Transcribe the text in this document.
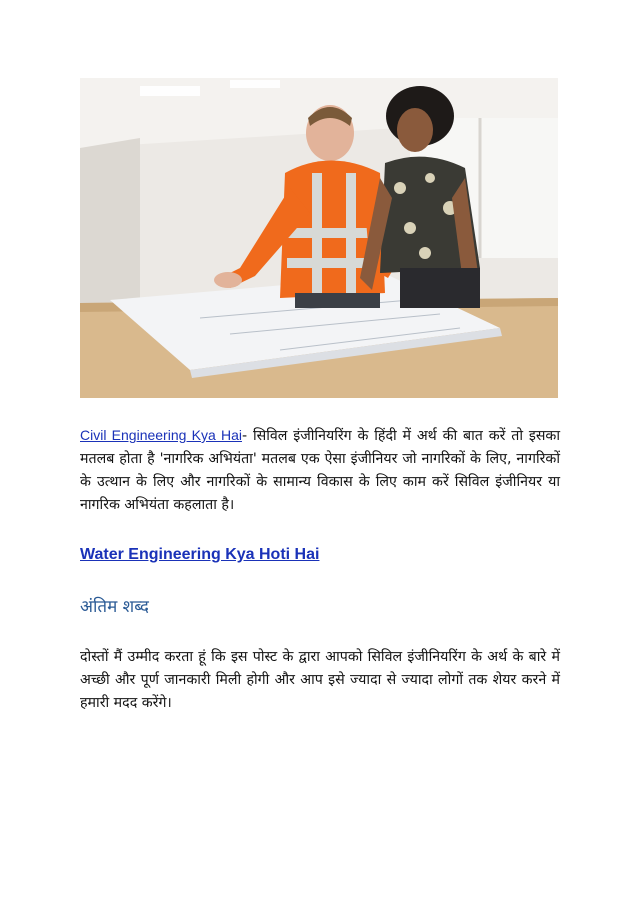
Civil Engineering Kya Hai- सिविल इंजीनियरिंग के हिंदी में अर्थ की बात करें तो इसका मतलब होता है 'नागरिक अभियंता' मतलब एक ऐसा इंजीनियर जो नागरिकों के लिए, नागरिकों के उत्थान के लिए और नागरिकों के सामान्य विकास के लिए काम करें सिविल इंजीनियर या नागरिक अभियंता कहलाता है।

Water Engineering Kya Hoti Hai
अंतिम शब्द

दोस्तों मैं उम्मीद करता हूं कि इस पोस्ट के द्वारा आपको सिविल इंजीनियरिंग के अर्थ के बारे में अच्छी और पूर्ण जानकारी मिली होगी और आप इसे ज्यादा से ज्यादा लोगों तक शेयर करने में हमारी मदद करेंगे।
